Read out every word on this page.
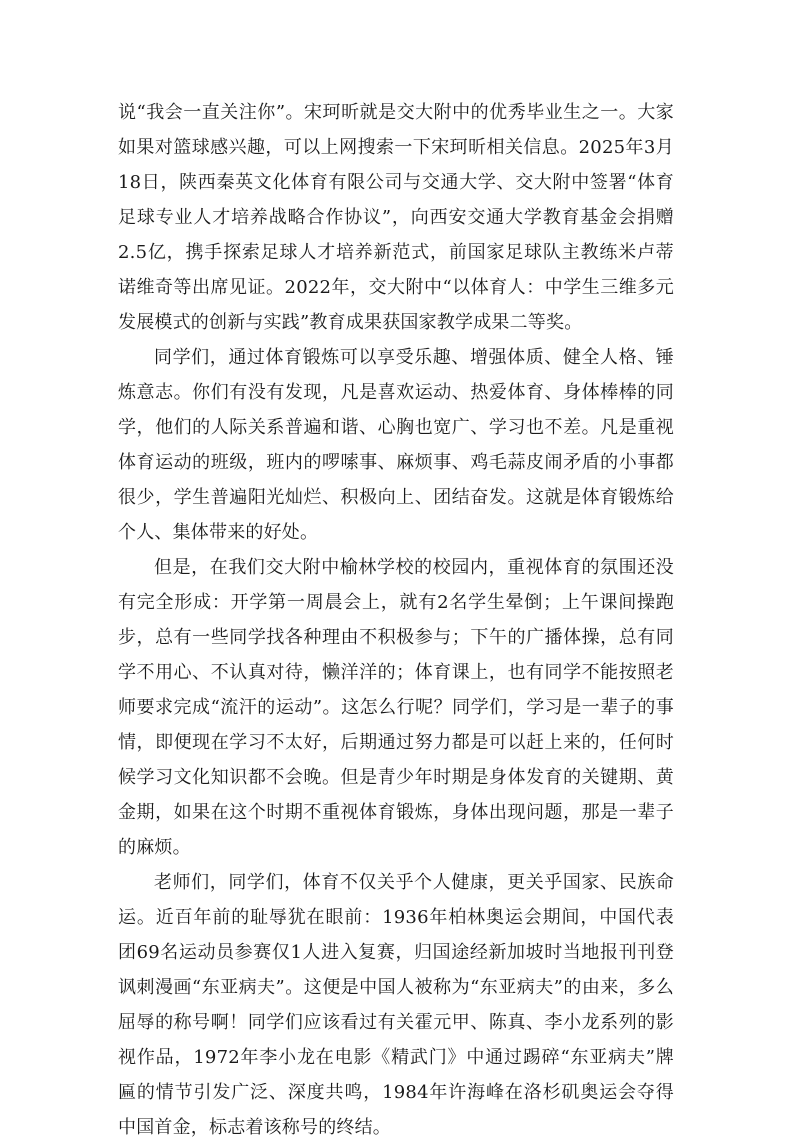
说“我会一直关注你”。宋珂昕就是交大附中的优秀毕业生之一。大家如果对篮球感兴趣，可以上网搜索一下宋珂昕相关信息。2025年3月18日，陕西秦英文化体育有限公司与交通大学、交大附中签署“体育足球专业人才培养战略合作协议”，向西安交通大学教育基金会捐赠2.5亿，携手探索足球人才培养新范式，前国家足球队主教练米卢蒂诺维奇等出席见证。2022年，交大附中“以体育人：中学生三维多元发展模式的创新与实践”教育成果获国家教学成果二等奖。

同学们，通过体育锻炼可以享受乐趣、增强体质、健全人格、锤炼意志。你们有没有发现，凡是喜欢运动、热爱体育、身体棒棒的同学，他们的人际关系普遍和谐、心胸也宽广、学习也不差。凡是重视体育运动的班级，班内的啰嗦事、麻烦事、鸡毛蒜皮闹矛盾的小事都很少，学生普遍阳光灿烂、积极向上、团结奋发。这就是体育锻炼给个人、集体带来的好处。

但是，在我们交大附中榆林学校的校园内，重视体育的氛围还没有完全形成：开学第一周晨会上，就有2名学生晕倒；上午课间操跑步，总有一些同学找各种理由不积极参与；下午的广播体操，总有同学不用心、不认真对待，懒洋洋的；体育课上，也有同学不能按照老师要求完成“流汗的运动”。这怎么行呢？同学们，学习是一辈子的事情，即便现在学习不太好，后期通过努力都是可以赶上来的，任何时候学习文化知识都不会晚。但是青少年时期是身体发育的关键期、黄金期，如果在这个时期不重视体育锻炼，身体出现问题，那是一辈子的麻烦。

老师们，同学们，体育不仅关乎个人健康，更关乎国家、民族命运。近百年前的耻辱犹在眼前：1936年柏林奥运会期间，中国代表团69名运动员参赛仅1人进入复赛，归国途经新加坡时当地报刊刊登讽刺漫画“东亚病夫”。这便是中国人被称为“东亚病夫”的由来，多么屈辱的称号啊！同学们应该看过有关霍元甲、陈真、李小龙系列的影视作品，1972年李小龙在电影《精武门》中通过踢碎“东亚病夫”牌匾的情节引发广泛、深度共鸣，1984年许海峰在洛杉矶奥运会夺得中国首金，标志着该称号的终结。
